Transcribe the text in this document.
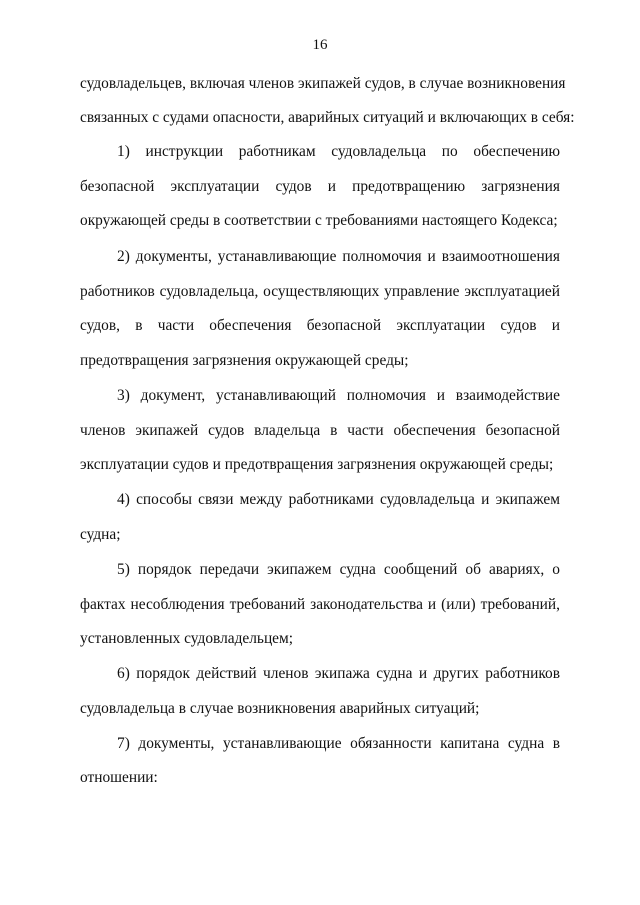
16
судовладельцев, включая членов экипажей судов, в случае возникновения
связанных с судами опасности, аварийных ситуаций и включающих в себя:
1) инструкции работникам судовладельца по обеспечению
безопасной эксплуатации судов и предотвращению загрязнения
окружающей среды в соответствии с требованиями настоящего Кодекса;
2) документы, устанавливающие полномочия и взаимоотношения
работников судовладельца, осуществляющих управление эксплуатацией
судов, в части обеспечения безопасной эксплуатации судов и
предотвращения загрязнения окружающей среды;
3) документ, устанавливающий полномочия и взаимодействие
членов экипажей судов владельца в части обеспечения безопасной
эксплуатации судов и предотвращения загрязнения окружающей среды;
4) способы связи между работниками судовладельца и экипажем
судна;
5) порядок передачи экипажем судна сообщений об авариях, о
фактах несоблюдения требований законодательства и (или) требований,
установленных судовладельцем;
6) порядок действий членов экипажа судна и других работников
судовладельца в случае возникновения аварийных ситуаций;
7) документы, устанавливающие обязанности капитана судна в
отношении:
